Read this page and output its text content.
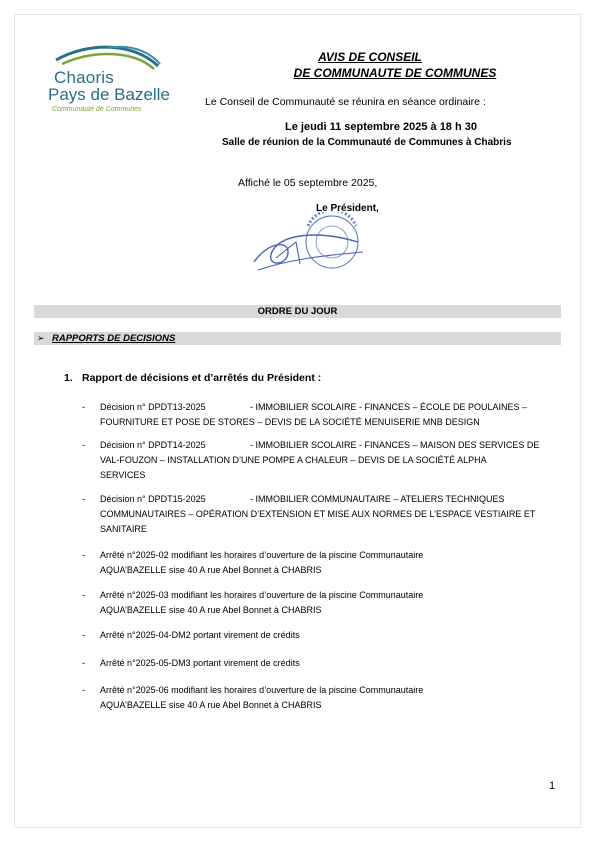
Chaoris
Pays de Bazelle
Communauté de Communes
AVIS DE CONSEIL
DE COMMUNAUTE DE COMMUNES
Le Conseil de Communauté se réunira en séance ordinaire :
Le jeudi 11 septembre 2025 à 18 h 30
Salle de réunion de la Communauté de Communes à Chabris
Affiché le 05 septembre 2025,
Le Président,
ORDRE DU JOUR
➢ RAPPORTS DE DECISIONS
1. Rapport de décisions et d’arrêtés du Président :
- Décision n° DPDT13-2025	- IMMOBILIER SCOLAIRE - FINANCES – ÉCOLE DE POULAINES –
FOURNITURE ET POSE DE STORES – DEVIS DE LA SOCIÉTÉ MENUISERIE MNB DESIGN
- Décision n° DPDT14-2025	- IMMOBILIER SCOLAIRE - FINANCES – MAISON DES SERVICES DE
VAL-FOUZON – INSTALLATION D’UNE POMPE A CHALEUR – DEVIS DE LA SOCIÉTÉ ALPHA
SERVICES
- Décision n° DPDT15-2025	- IMMOBILIER COMMUNAUTAIRE – ATELIERS TECHNIQUES
COMMUNAUTAIRES – OPÉRATION D’EXTENSION ET MISE AUX NORMES DE L’ESPACE VESTIAIRE ET
SANITAIRE
- Arrêté n°2025-02 modifiant les horaires d’ouverture de la piscine Communautaire
AQUA’BAZELLE sise 40 A rue Abel Bonnet à CHABRIS
- Arrêté n°2025-03 modifiant les horaires d’ouverture de la piscine Communautaire
AQUA’BAZELLE sise 40 A rue Abel Bonnet à CHABRIS
- Arrêté n°2025-04-DM2 portant virement de crédits
- Arrêté n°2025-05-DM3 portant virement de crédits
- Arrêté n°2025-06 modifiant les horaires d’ouverture de la piscine Communautaire
AQUA’BAZELLE sise 40 A rue Abel Bonnet à CHABRIS
1
